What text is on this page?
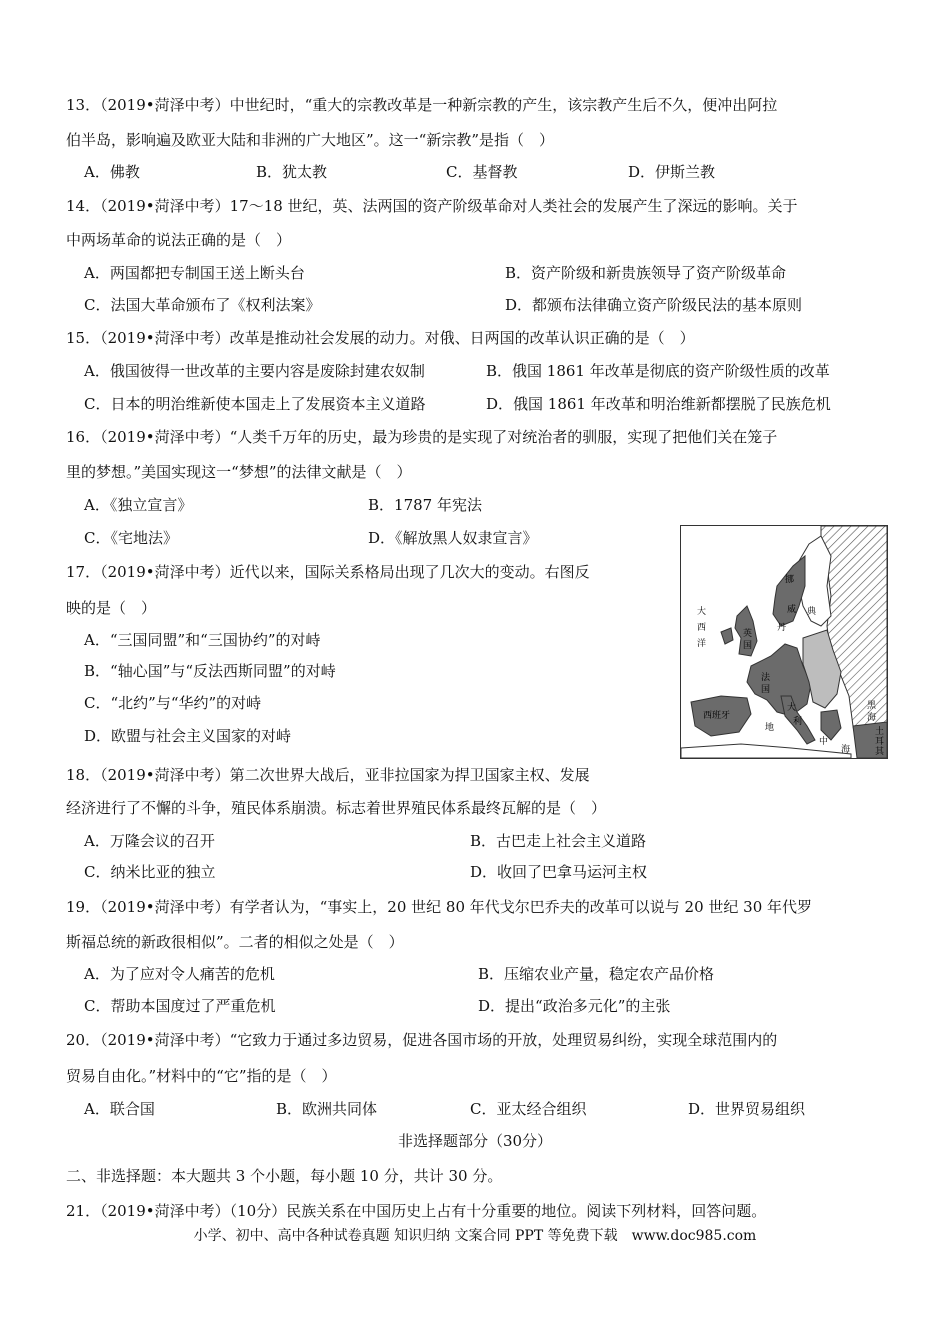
13．（2019•菏泽中考）中世纪时，“重大的宗教改革是一种新宗教的产生，该宗教产生后不久，便冲出阿拉
伯半岛，影响遍及欧亚大陆和非洲的广大地区”。这一“新宗教”是指（　）
A．佛教	B．犹太教	C．基督教	D．伊斯兰教
14．（2019•菏泽中考）17～18 世纪，英、法两国的资产阶级革命对人类社会的发展产生了深远的影响。关于
中两场革命的说法正确的是（　）
A．两国都把专制国王送上断头台	B．资产阶级和新贵族领导了资产阶级革命
C．法国大革命颁布了《权利法案》	D．都颁布法律确立资产阶级民法的基本原则
15．（2019•菏泽中考）改革是推动社会发展的动力。对俄、日两国的改革认识正确的是（　）
A．俄国彼得一世改革的主要内容是废除封建农奴制	B．俄国 1861 年改革是彻底的资产阶级性质的改革
C．日本的明治维新使本国走上了发展资本主义道路	D．俄国 1861 年改革和明治维新都摆脱了民族危机
16．（2019•菏泽中考）“人类千万年的历史，最为珍贵的是实现了对统治者的驯服，实现了把他们关在笼子
里的梦想。”美国实现这一“梦想”的法律文献是（　）
A．《独立宣言》	B．1787 年宪法
C．《宅地法》	D．《解放黑人奴隶宣言》
17．（2019•菏泽中考）近代以来，国际关系格局出现了几次大的变动。右图反
映的是（　）
A．“三国同盟”和“三国协约”的对峙
B．“轴心国”与“反法西斯同盟”的对峙
C．“北约”与“华约”的对峙
D．欧盟与社会主义国家的对峙
大
西
洋
挪
威 典
丹
英
国
法
国
西班牙
大
利
地
中
海
黑
海
土
耳
其
18．（2019•菏泽中考）第二次世界大战后，亚非拉国家为捍卫国家主权、发展
经济进行了不懈的斗争，殖民体系崩溃。标志着世界殖民体系最终瓦解的是（　）
A．万隆会议的召开	B．古巴走上社会主义道路
C．纳米比亚的独立	D．收回了巴拿马运河主权
19．（2019•菏泽中考）有学者认为，“事实上，20 世纪 80 年代戈尔巴乔夫的改革可以说与 20 世纪 30 年代罗
斯福总统的新政很相似”。二者的相似之处是（　）
A．为了应对令人痛苦的危机	B．压缩农业产量，稳定农产品价格
C．帮助本国度过了严重危机	D．提出“政治多元化”的主张
20．（2019•菏泽中考）“它致力于通过多边贸易，促进各国市场的开放，处理贸易纠纷，实现全球范围内的
贸易自由化。”材料中的“它”指的是（　）
A．联合国	B．欧洲共同体	C．亚太经合组织	D．世界贸易组织
非选择题部分（30分）
二、非选择题：本大题共 3 个小题，每小题 10 分，共计 30 分。
21．（2019•菏泽中考）（10分）民族关系在中国历史上占有十分重要的地位。阅读下列材料，回答问题。
小学、初中、高中各种试卷真题 知识归纳 文案合同 PPT 等免费下载　www.doc985.com
